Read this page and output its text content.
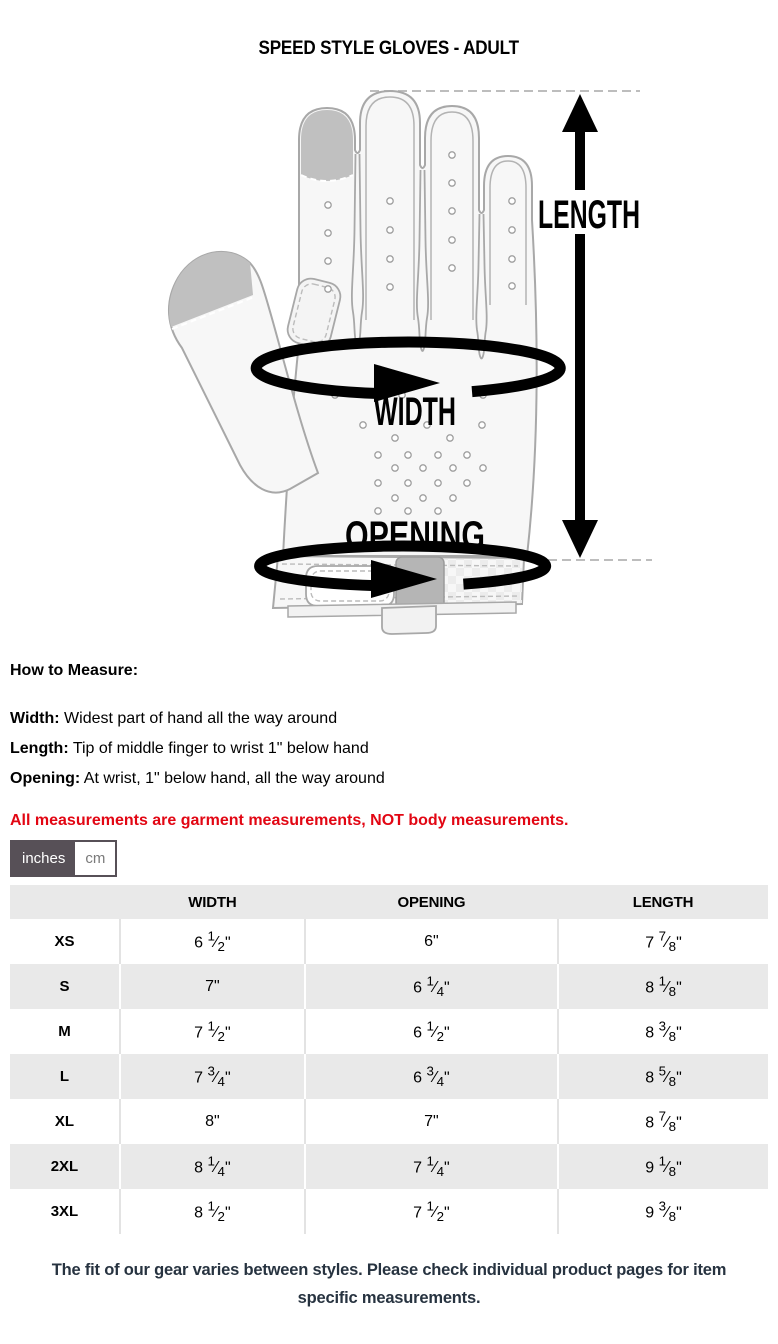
SPEED STYLE GLOVES - ADULT
LENGTH
WIDTH
OPENING
How to Measure:

Width: Widest part of hand all the way around

Length: Tip of middle finger to wrist 1" below hand

Opening: At wrist, 1" below hand, all the way around

All measurements are garment measurements, NOT body measurements.

inches	cm
	WIDTH	OPENING	LENGTH
XS	6 $^1⁄_2$"	6"	7 $^7⁄_8$"
S	7"	6 $^1⁄_4$"	8 $^1⁄_8$"
M	7 $^1⁄_2$"	6 $^1⁄_2$"	8 $^3⁄_8$"
L	7 $^3⁄_4$"	6 $^3⁄_4$"	8 $^5⁄_8$"
XL	8"	7"	8 $^7⁄_8$"
2XL	8 $^1⁄_4$"	7 $^1⁄_4$"	9 $^1⁄_8$"
3XL	8 $^1⁄_2$"	7 $^1⁄_2$"	9 $^3⁄_8$"

The fit of our gear varies between styles. Please check individual product pages for item specific measurements.
